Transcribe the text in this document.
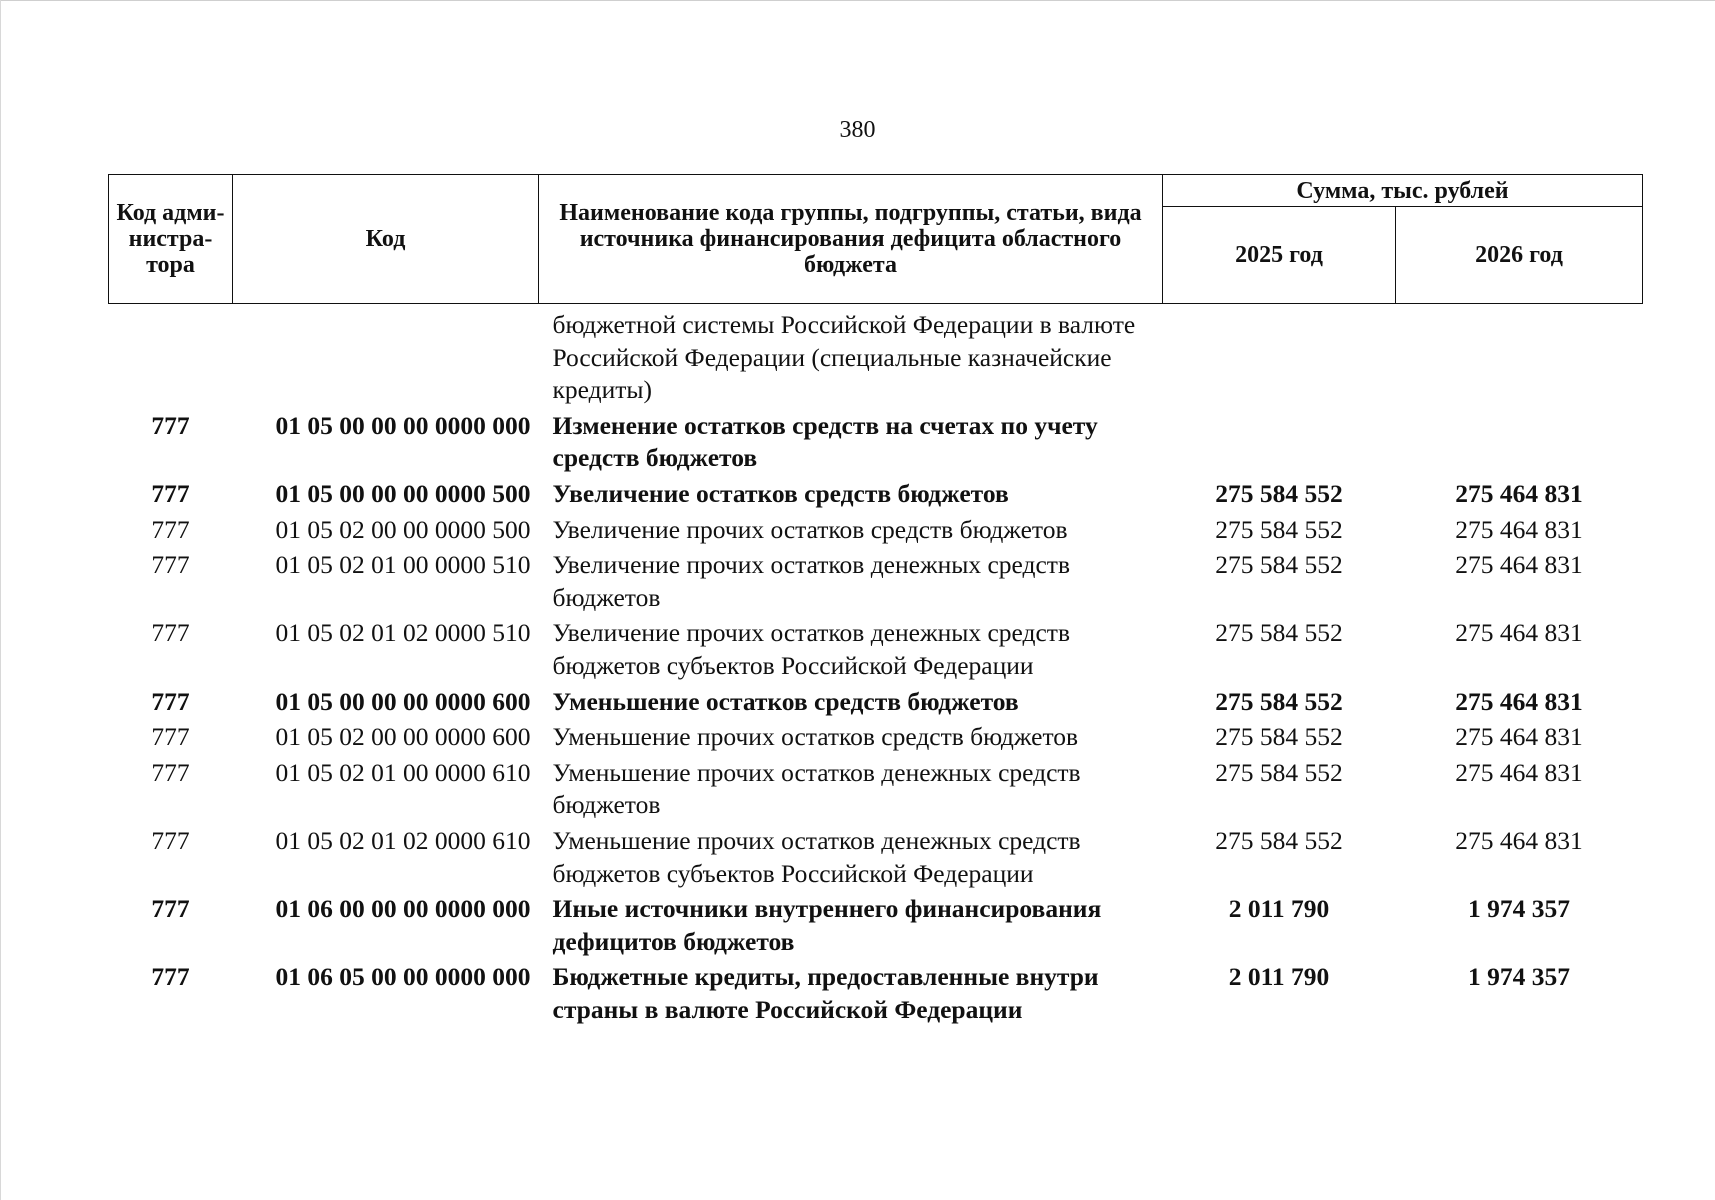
380
Код адми-нистра-тора	Код	Наименование кода группы, подгруппы, статьи, вида источника финансирования дефицита областного бюджета	Сумма, тыс. рублей	
			2025 год	2026 год
		бюджетной системы Российской Федерации в валюте Российской Федерации (специальные казначейские кредиты)		
777	01 05 00 00 00 0000 000	Изменение остатков средств на счетах по учету средств бюджетов		
777	01 05 00 00 00 0000 500	Увеличение остатков средств бюджетов	275 584 552	275 464 831
777	01 05 02 00 00 0000 500	Увеличение прочих остатков средств бюджетов	275 584 552	275 464 831
777	01 05 02 01 00 0000 510	Увеличение прочих остатков денежных средств бюджетов	275 584 552	275 464 831
777	01 05 02 01 02 0000 510	Увеличение прочих остатков денежных средств бюджетов субъектов Российской Федерации	275 584 552	275 464 831
777	01 05 00 00 00 0000 600	Уменьшение остатков средств бюджетов	275 584 552	275 464 831
777	01 05 02 00 00 0000 600	Уменьшение прочих остатков средств бюджетов	275 584 552	275 464 831
777	01 05 02 01 00 0000 610	Уменьшение прочих остатков денежных средств бюджетов	275 584 552	275 464 831
777	01 05 02 01 02 0000 610	Уменьшение прочих остатков денежных средств бюджетов субъектов Российской Федерации	275 584 552	275 464 831
777	01 06 00 00 00 0000 000	Иные источники внутреннего финансирования дефицитов бюджетов	2 011 790	1 974 357
777	01 06 05 00 00 0000 000	Бюджетные кредиты, предоставленные внутри страны в валюте Российской Федерации	2 011 790	1 974 357
